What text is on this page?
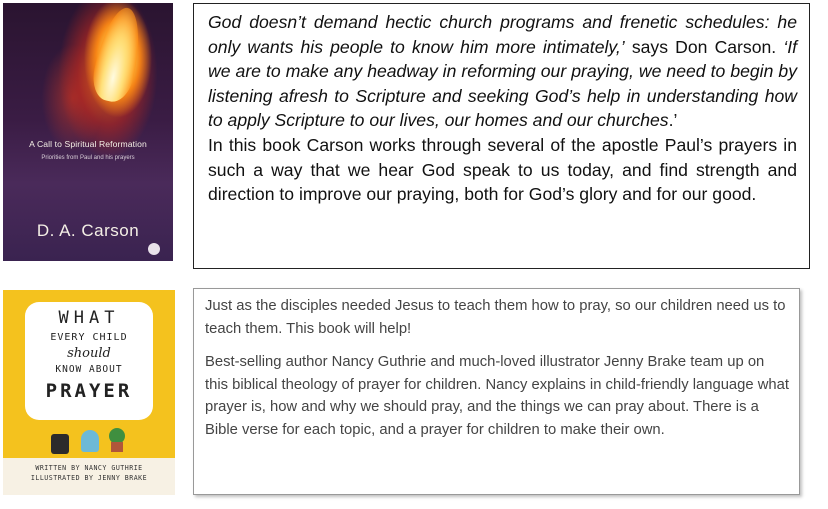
A Call to Spiritual Reformation
Priorities from Paul and his prayers
D. A. Carson

God doesn’t demand hectic church programs and frenetic schedules: he only wants his people to know him more intimately,’ says Don Carson. ‘If we are to make any headway in reforming our praying, we need to begin by listening afresh to Scripture and seeking God’s help in understanding how to apply Scripture to our lives, our homes and our churches.’

In this book Carson works through several of the apostle Paul’s prayers in such a way that we hear God speak to us today, and find strength and direction to improve our praying, both for God’s glory and for our good.

WHAT
EVERY CHILD
should
KNOW ABOUT
PRAYER
WRITTEN BY NANCY GUTHRIE
ILLUSTRATED BY JENNY BRAKE

Just as the disciples needed Jesus to teach them how to pray, so our children need us to teach them. This book will help!

Best-selling author Nancy Guthrie and much-loved illustrator Jenny Brake team up on this biblical theology of prayer for children. Nancy explains in child-friendly language what prayer is, how and why we should pray, and the things we can pray about. There is a Bible verse for each topic, and a prayer for children to make their own.
